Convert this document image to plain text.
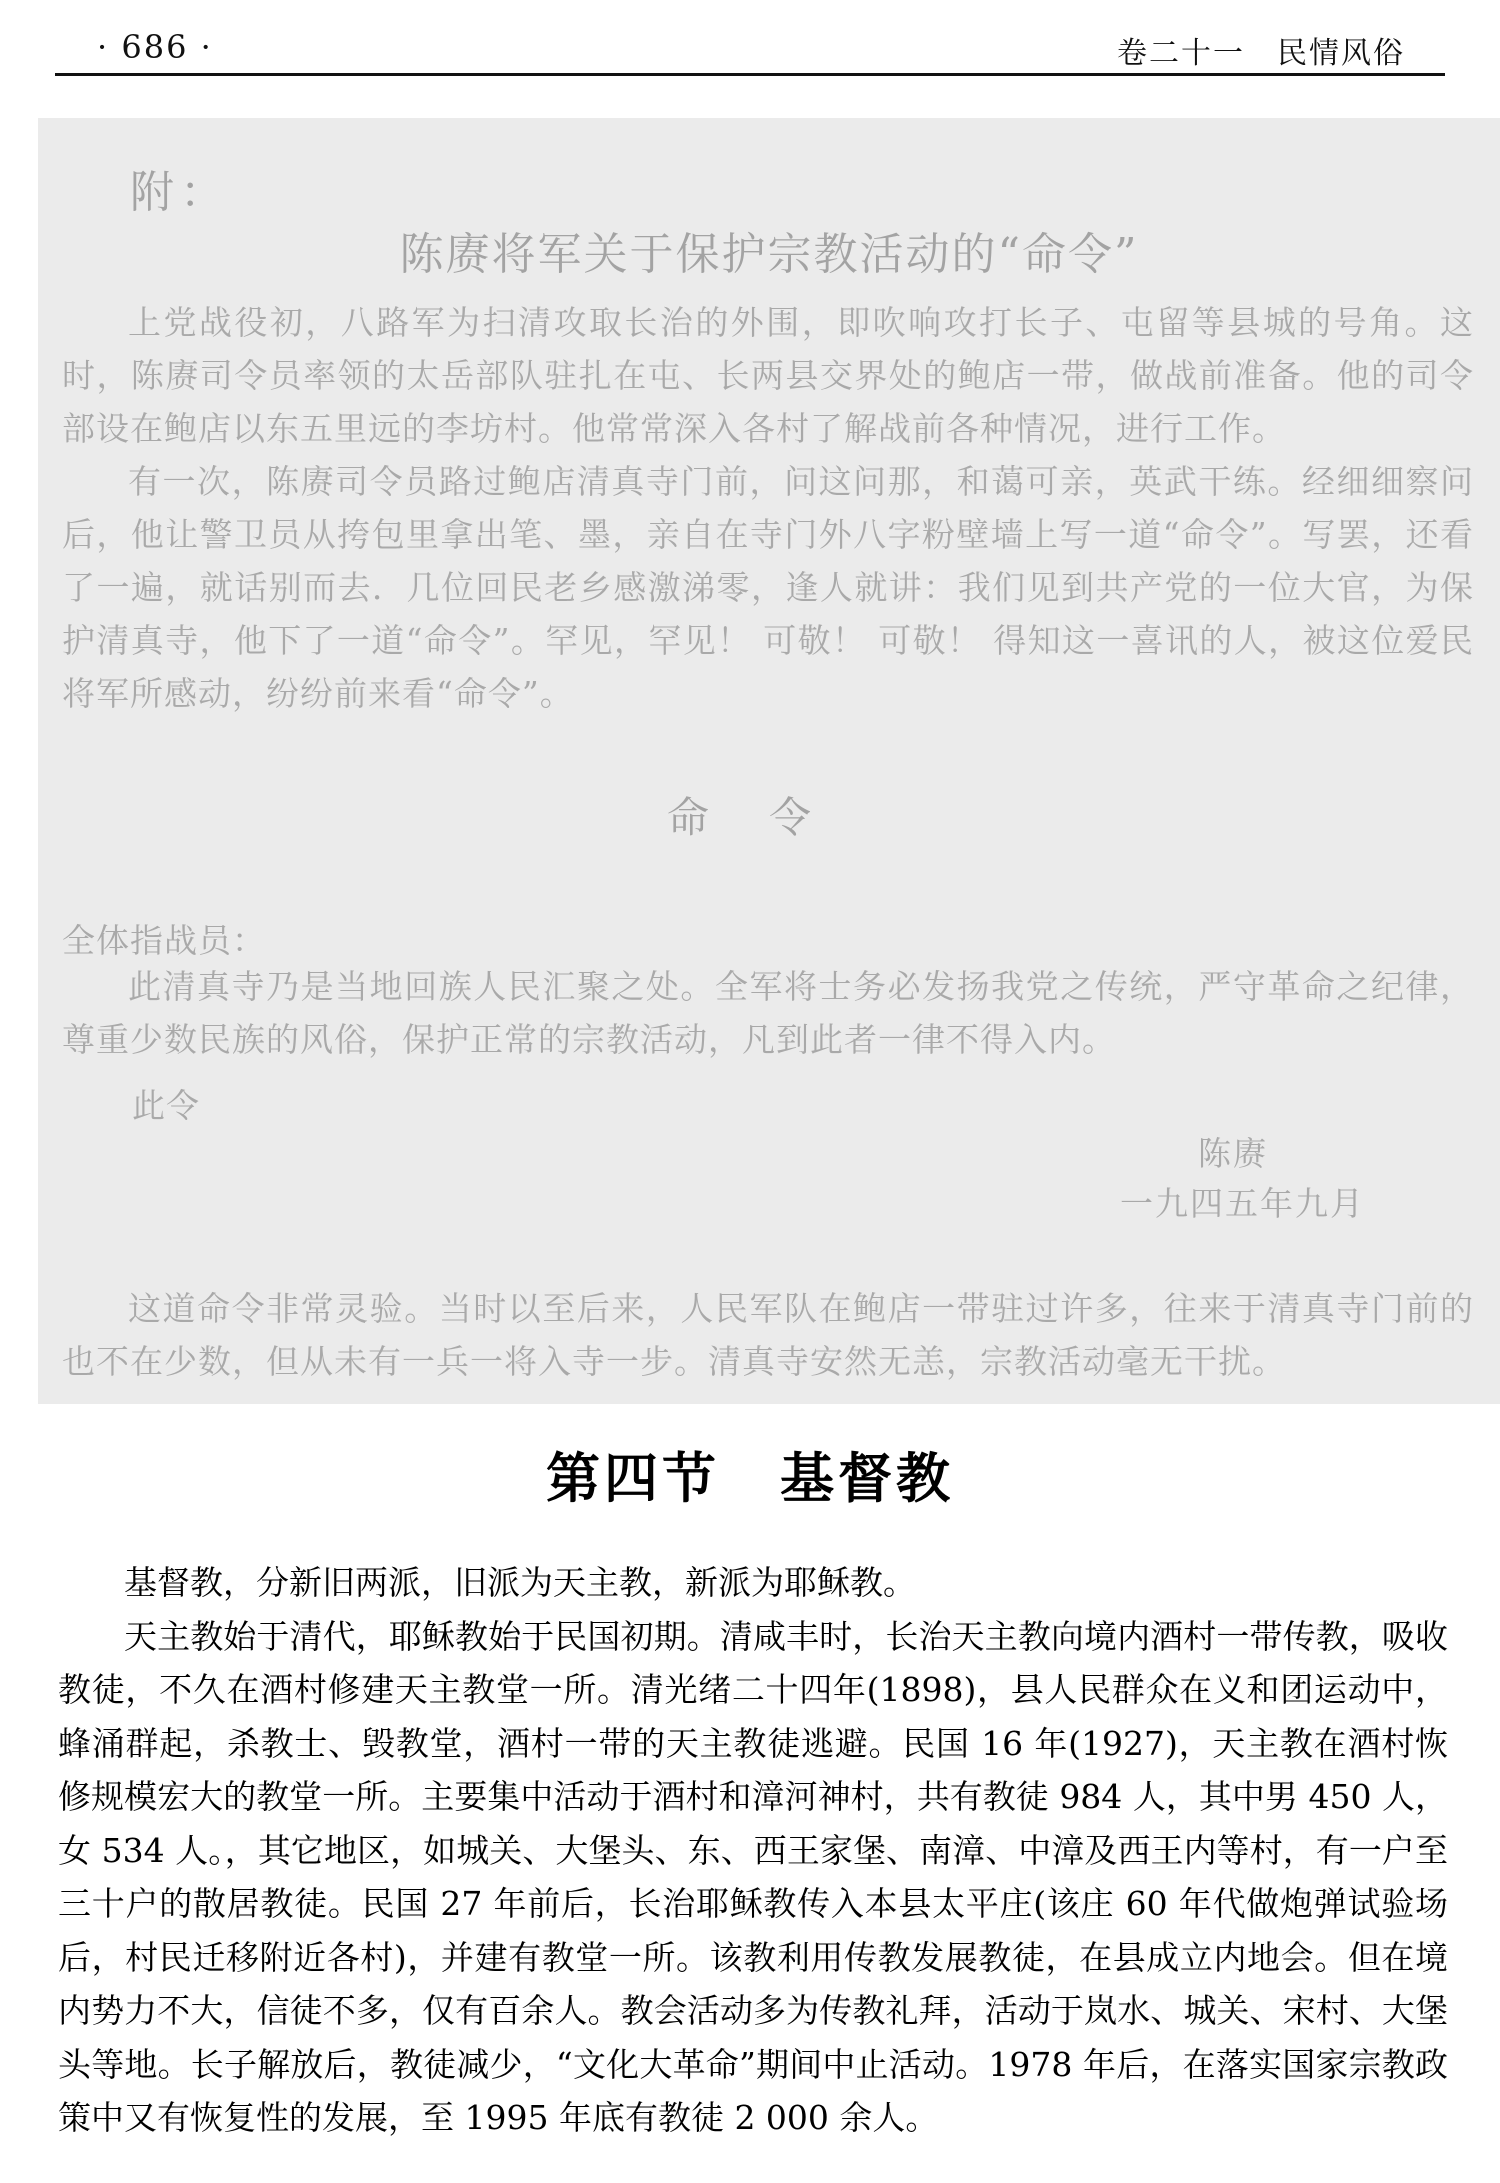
· 686 ·	卷二十一　民情风俗
附：
陈赓将军关于保护宗教活动的“命令”

上党战役初，八路军为扫清攻取长治的外围，即吹响攻打长子、屯留等县城的号角。这时，陈赓司令员率领的太岳部队驻扎在屯、长两县交界处的鲍店一带，做战前准备。他的司令部设在鲍店以东五里远的李坊村。他常常深入各村了解战前各种情况，进行工作。

有一次，陈赓司令员路过鲍店清真寺门前，问这问那，和蔼可亲，英武干练。经细细察问后，他让警卫员从挎包里拿出笔、墨，亲自在寺门外八字粉壁墙上写一道“命令”。写罢，还看了一遍，就话别而去．几位回民老乡感激涕零，逢人就讲：我们见到共产党的一位大官，为保护清真寺，他下了一道“命令”。罕见，罕见！ 可敬！ 可敬！ 得知这一喜讯的人，被这位爱民将军所感动，纷纷前来看“命令”。

命令
全体指战员：

此清真寺乃是当地回族人民汇聚之处。全军将士务必发扬我党之传统，严守革命之纪律，尊重少数民族的风俗，保护正常的宗教活动，凡到此者一律不得入内。

此令
陈赓
一九四五年九月

这道命令非常灵验。当时以至后来，人民军队在鲍店一带驻过许多，往来于清真寺门前的也不在少数，但从未有一兵一将入寺一步。清真寺安然无恙，宗教活动毫无干扰。

第四节 基督教

基督教，分新旧两派，旧派为天主教，新派为耶稣教。

天主教始于清代，耶稣教始于民国初期。清咸丰时，长治天主教向境内酒村一带传教，吸收教徒，不久在酒村修建天主教堂一所。清光绪二十四年(1898)，县人民群众在义和团运动中，蜂涌群起，杀教士、毁教堂，酒村一带的天主教徒逃避。民国 16 年(1927)，天主教在酒村恢修规模宏大的教堂一所。主要集中活动于酒村和漳河神村，共有教徒 984 人，其中男 450 人，女 534 人。，其它地区，如城关、大堡头、东、西王家堡、南漳、中漳及西王内等村，有一户至三十户的散居教徒。民国 27 年前后，长治耶稣教传入本县太平庄(该庄 60 年代做炮弹试验场后，村民迁移附近各村)，并建有教堂一所。该教利用传教发展教徒，在县成立内地会。但在境内势力不大，信徒不多，仅有百余人。教会活动多为传教礼拜，活动于岚水、城关、宋村、大堡头等地。长子解放后，教徒减少，“文化大革命”期间中止活动。1978 年后，在落实国家宗教政策中又有恢复性的发展，至 1995 年底有教徒 2 000 余人。
